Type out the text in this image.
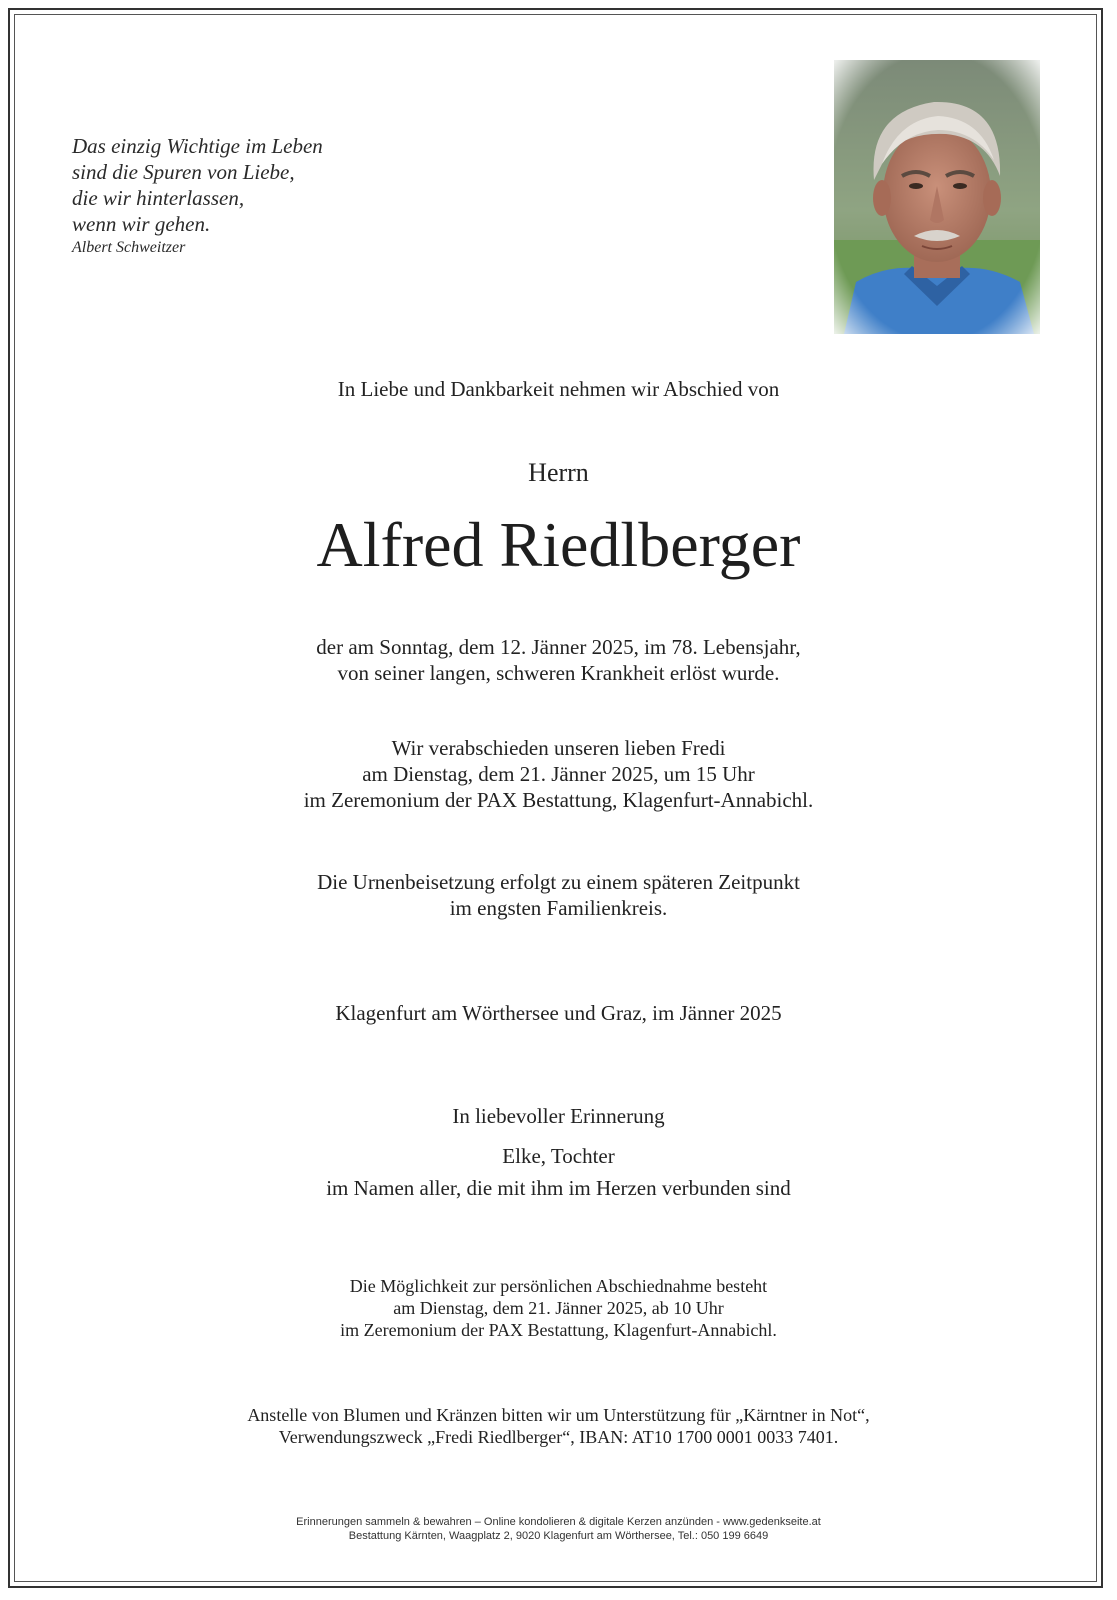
Das einzig Wichtige im Leben
sind die Spuren von Liebe,
die wir hinterlassen,
wenn wir gehen.
Albert Schweitzer
In Liebe und Dankbarkeit nehmen wir Abschied von
Herrn
Alfred Riedlberger
der am Sonntag, dem 12. Jänner 2025, im 78. Lebensjahr,
von seiner langen, schweren Krankheit erlöst wurde.
Wir verabschieden unseren lieben Fredi
am Dienstag, dem 21. Jänner 2025, um 15 Uhr
im Zeremonium der PAX Bestattung, Klagenfurt-Annabichl.
Die Urnenbeisetzung erfolgt zu einem späteren Zeitpunkt
im engsten Familienkreis.
Klagenfurt am Wörthersee und Graz, im Jänner 2025
In liebevoller Erinnerung
Elke, Tochter
im Namen aller, die mit ihm im Herzen verbunden sind
Die Möglichkeit zur persönlichen Abschiednahme besteht
am Dienstag, dem 21. Jänner 2025, ab 10 Uhr
im Zeremonium der PAX Bestattung, Klagenfurt-Annabichl.
Anstelle von Blumen und Kränzen bitten wir um Unterstützung für „Kärntner in Not“,
Verwendungszweck „Fredi Riedlberger“, IBAN: AT10 1700 0001 0033 7401.
Erinnerungen sammeln & bewahren – Online kondolieren & digitale Kerzen anzünden - www.gedenkseite.at
Bestattung Kärnten, Waagplatz 2, 9020 Klagenfurt am Wörthersee, Tel.: 050 199 6649
